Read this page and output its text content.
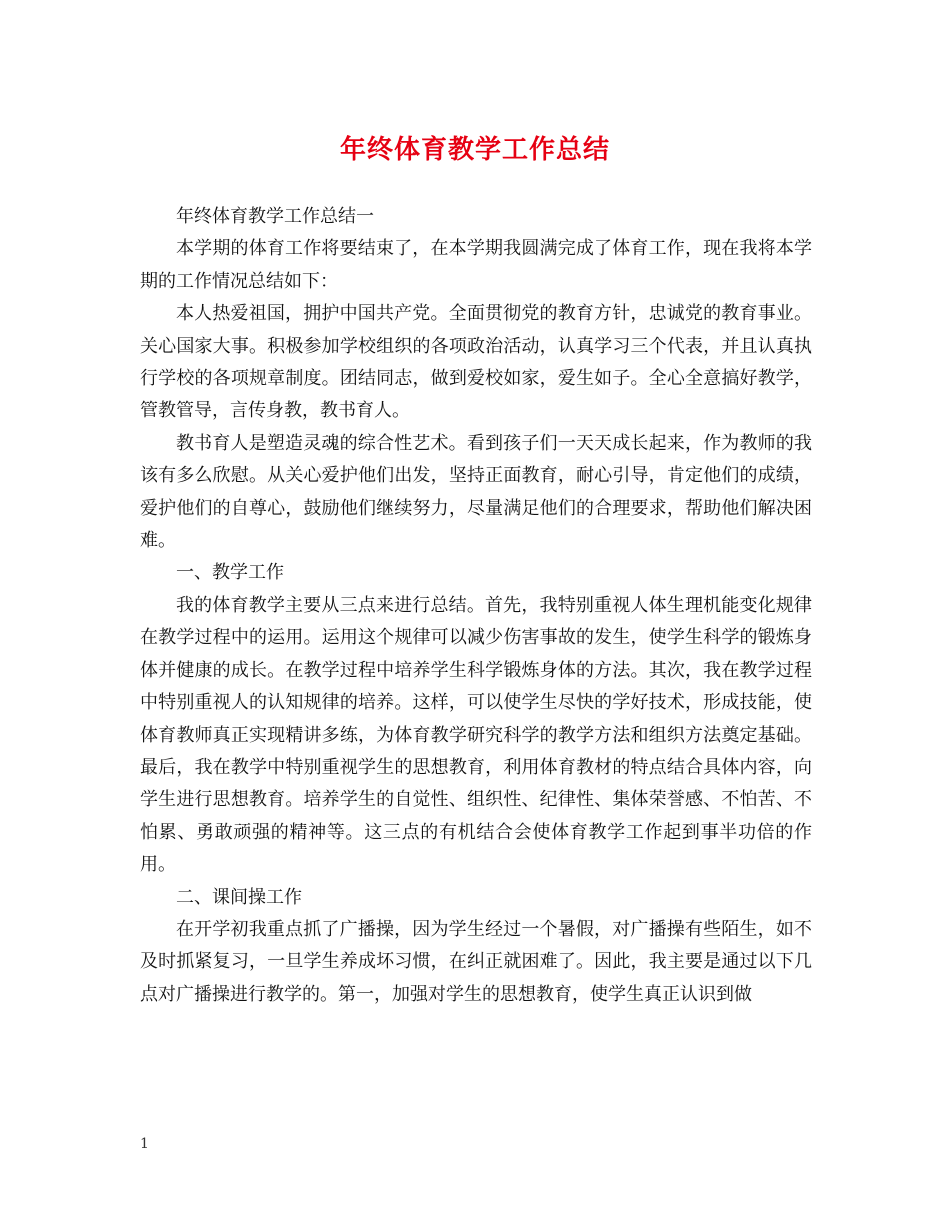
年终体育教学工作总结

年终体育教学工作总结一

本学期的体育工作将要结束了，在本学期我圆满完成了体育工作，现在我将本学期的工作情况总结如下：

本人热爱祖国，拥护中国共产党。全面贯彻党的教育方针，忠诚党的教育事业。关心国家大事。积极参加学校组织的各项政治活动，认真学习三个代表，并且认真执行学校的各项规章制度。团结同志，做到爱校如家，爱生如子。全心全意搞好教学，管教管导，言传身教，教书育人。

教书育人是塑造灵魂的综合性艺术。看到孩子们一天天成长起来，作为教师的我该有多么欣慰。从关心爱护他们出发，坚持正面教育，耐心引导，肯定他们的成绩，爱护他们的自尊心，鼓励他们继续努力，尽量满足他们的合理要求，帮助他们解决困难。

一、教学工作

我的体育教学主要从三点来进行总结。首先，我特别重视人体生理机能变化规律在教学过程中的运用。运用这个规律可以减少伤害事故的发生，使学生科学的锻炼身体并健康的成长。在教学过程中培养学生科学锻炼身体的方法。其次，我在教学过程中特别重视人的认知规律的培养。这样，可以使学生尽快的学好技术，形成技能，使体育教师真正实现精讲多练，为体育教学研究科学的教学方法和组织方法奠定基础。最后，我在教学中特别重视学生的思想教育，利用体育教材的特点结合具体内容，向学生进行思想教育。培养学生的自觉性、组织性、纪律性、集体荣誉感、不怕苦、不怕累、勇敢顽强的精神等。这三点的有机结合会使体育教学工作起到事半功倍的作用。

二、课间操工作

在开学初我重点抓了广播操，因为学生经过一个暑假，对广播操有些陌生，如不及时抓紧复习，一旦学生养成坏习惯，在纠正就困难了。因此，我主要是通过以下几点对广播操进行教学的。第一，加强对学生的思想教育，使学生真正认识到做

1
